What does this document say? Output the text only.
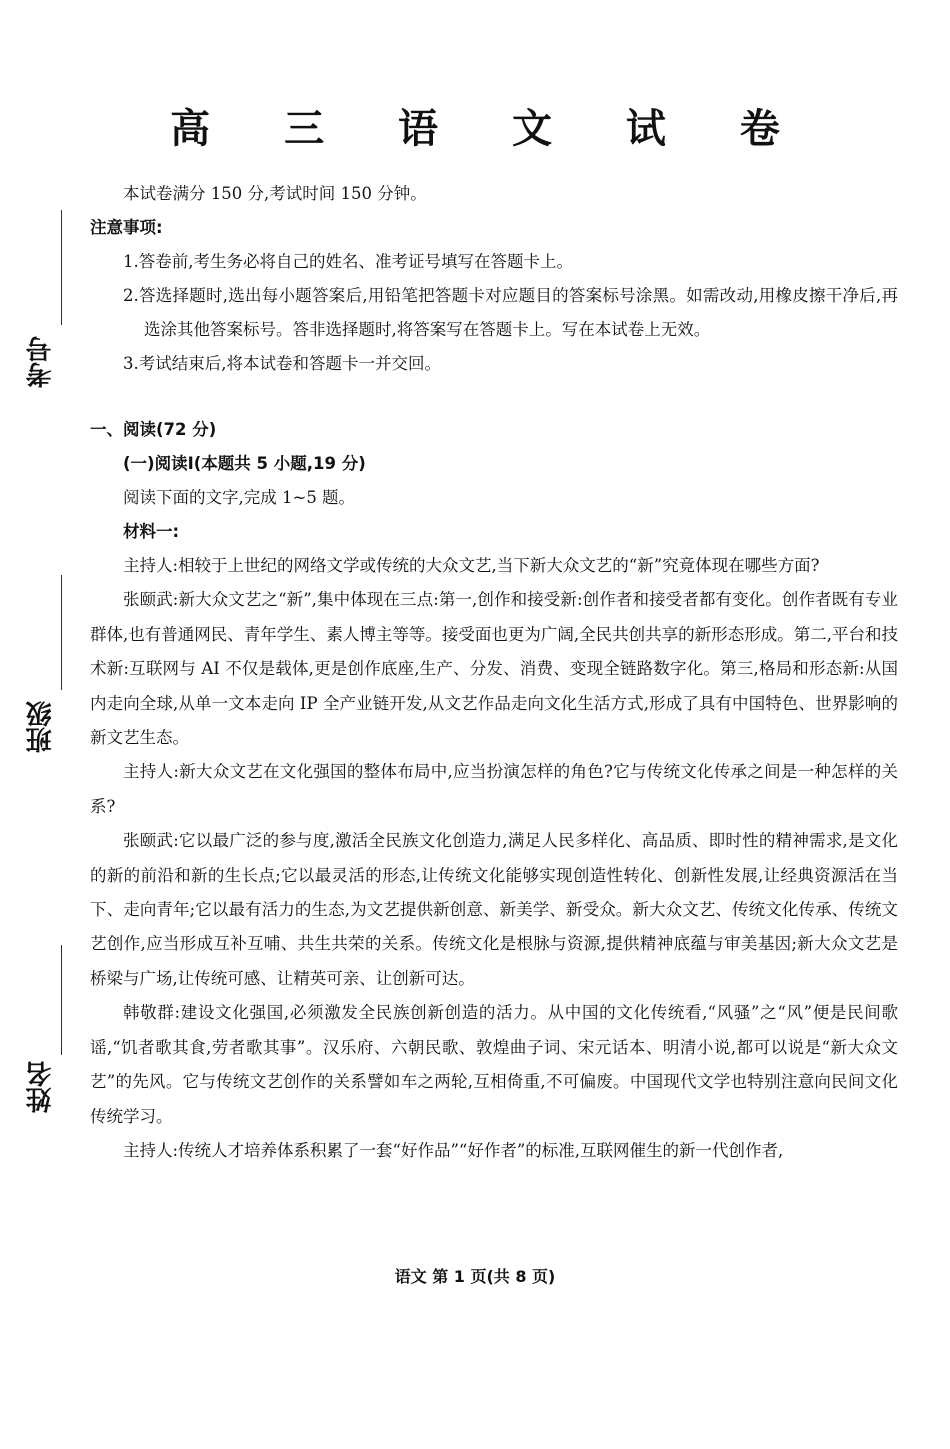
高 三 语 文 试 卷
考号
班级
姓名
本试卷满分 150 分,考试时间 150 分钟。
注意事项:
1.答卷前,考生务必将自己的姓名、准考证号填写在答题卡上。
2.答选择题时,选出每小题答案后,用铅笔把答题卡对应题目的答案标号涂黑。如需改动,用橡皮擦干净后,再选涂其他答案标号。答非选择题时,将答案写在答题卡上。写在本试卷上无效。
3.考试结束后,将本试卷和答题卡一并交回。
一、阅读(72 分)
(一)阅读Ⅰ(本题共 5 小题,19 分)
阅读下面的文字,完成 1~5 题。
材料一:
主持人:相较于上世纪的网络文学或传统的大众文艺,当下新大众文艺的“新”究竟体现在哪些方面?
张颐武:新大众文艺之“新”,集中体现在三点:第一,创作和接受新:创作者和接受者都有变化。创作者既有专业群体,也有普通网民、青年学生、素人博主等等。接受面也更为广阔,全民共创共享的新形态形成。第二,平台和技术新:互联网与 AI 不仅是载体,更是创作底座,生产、分发、消费、变现全链路数字化。第三,格局和形态新:从国内走向全球,从单一文本走向 IP 全产业链开发,从文艺作品走向文化生活方式,形成了具有中国特色、世界影响的新文艺生态。
主持人:新大众文艺在文化强国的整体布局中,应当扮演怎样的角色?它与传统文化传承之间是一种怎样的关系?
张颐武:它以最广泛的参与度,激活全民族文化创造力,满足人民多样化、高品质、即时性的精神需求,是文化的新的前沿和新的生长点;它以最灵活的形态,让传统文化能够实现创造性转化、创新性发展,让经典资源活在当下、走向青年;它以最有活力的生态,为文艺提供新创意、新美学、新受众。新大众文艺、传统文化传承、传统文艺创作,应当形成互补互哺、共生共荣的关系。传统文化是根脉与资源,提供精神底蕴与审美基因;新大众文艺是桥梁与广场,让传统可感、让精英可亲、让创新可达。
韩敬群:建设文化强国,必须激发全民族创新创造的活力。从中国的文化传统看,“风骚”之“风”便是民间歌谣,“饥者歌其食,劳者歌其事”。汉乐府、六朝民歌、敦煌曲子词、宋元话本、明清小说,都可以说是“新大众文艺”的先风。它与传统文艺创作的关系譬如车之两轮,互相倚重,不可偏废。中国现代文学也特别注意向民间文化传统学习。
主持人:传统人才培养体系积累了一套“好作品”“好作者”的标准,互联网催生的新一代创作者,
语文 第 1 页(共 8 页)
